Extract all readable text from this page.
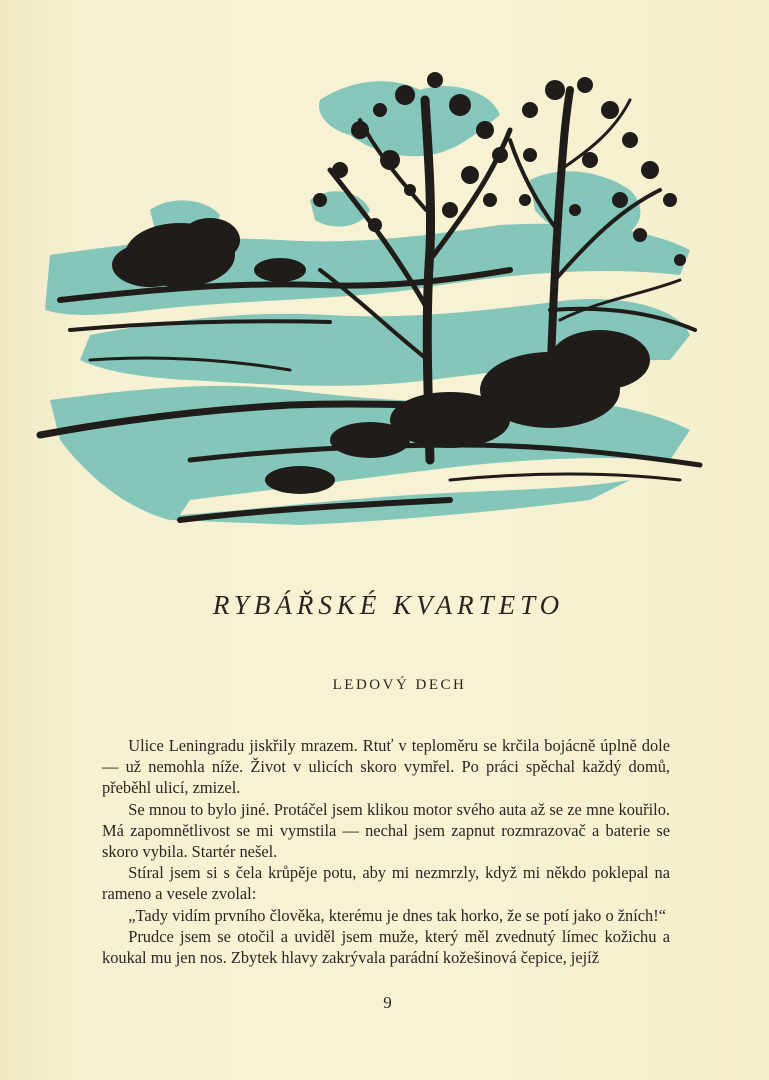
RYBÁŘSKÉ KVARTETO
LEDOVÝ DECH

Ulice Leningradu jiskřily mrazem. Rtuť v teploměru se krčila bojácně úplně dole — už nemohla níže. Život v ulicích skoro vymřel. Po práci spěchal každý domů, přeběhl ulicí, zmizel.

Se mnou to bylo jiné. Protáčel jsem klikou motor svého auta až se ze mne kouřilo. Má zapomnětlivost se mi vymstila — nechal jsem zapnut rozmrazovač a baterie se skoro vybila. Startér nešel.

Stíral jsem si s čela krůpěje potu, aby mi nezmrzly, když mi někdo poklepal na rameno a vesele zvolal:

„Tady vidím prvního člověka, kterému je dnes tak horko, že se potí jako o žních!“

Prudce jsem se otočil a uviděl jsem muže, který měl zvednutý límec kožichu a koukal mu jen nos. Zbytek hlavy zakrývala parádní kožešinová čepice, jejíž

9
